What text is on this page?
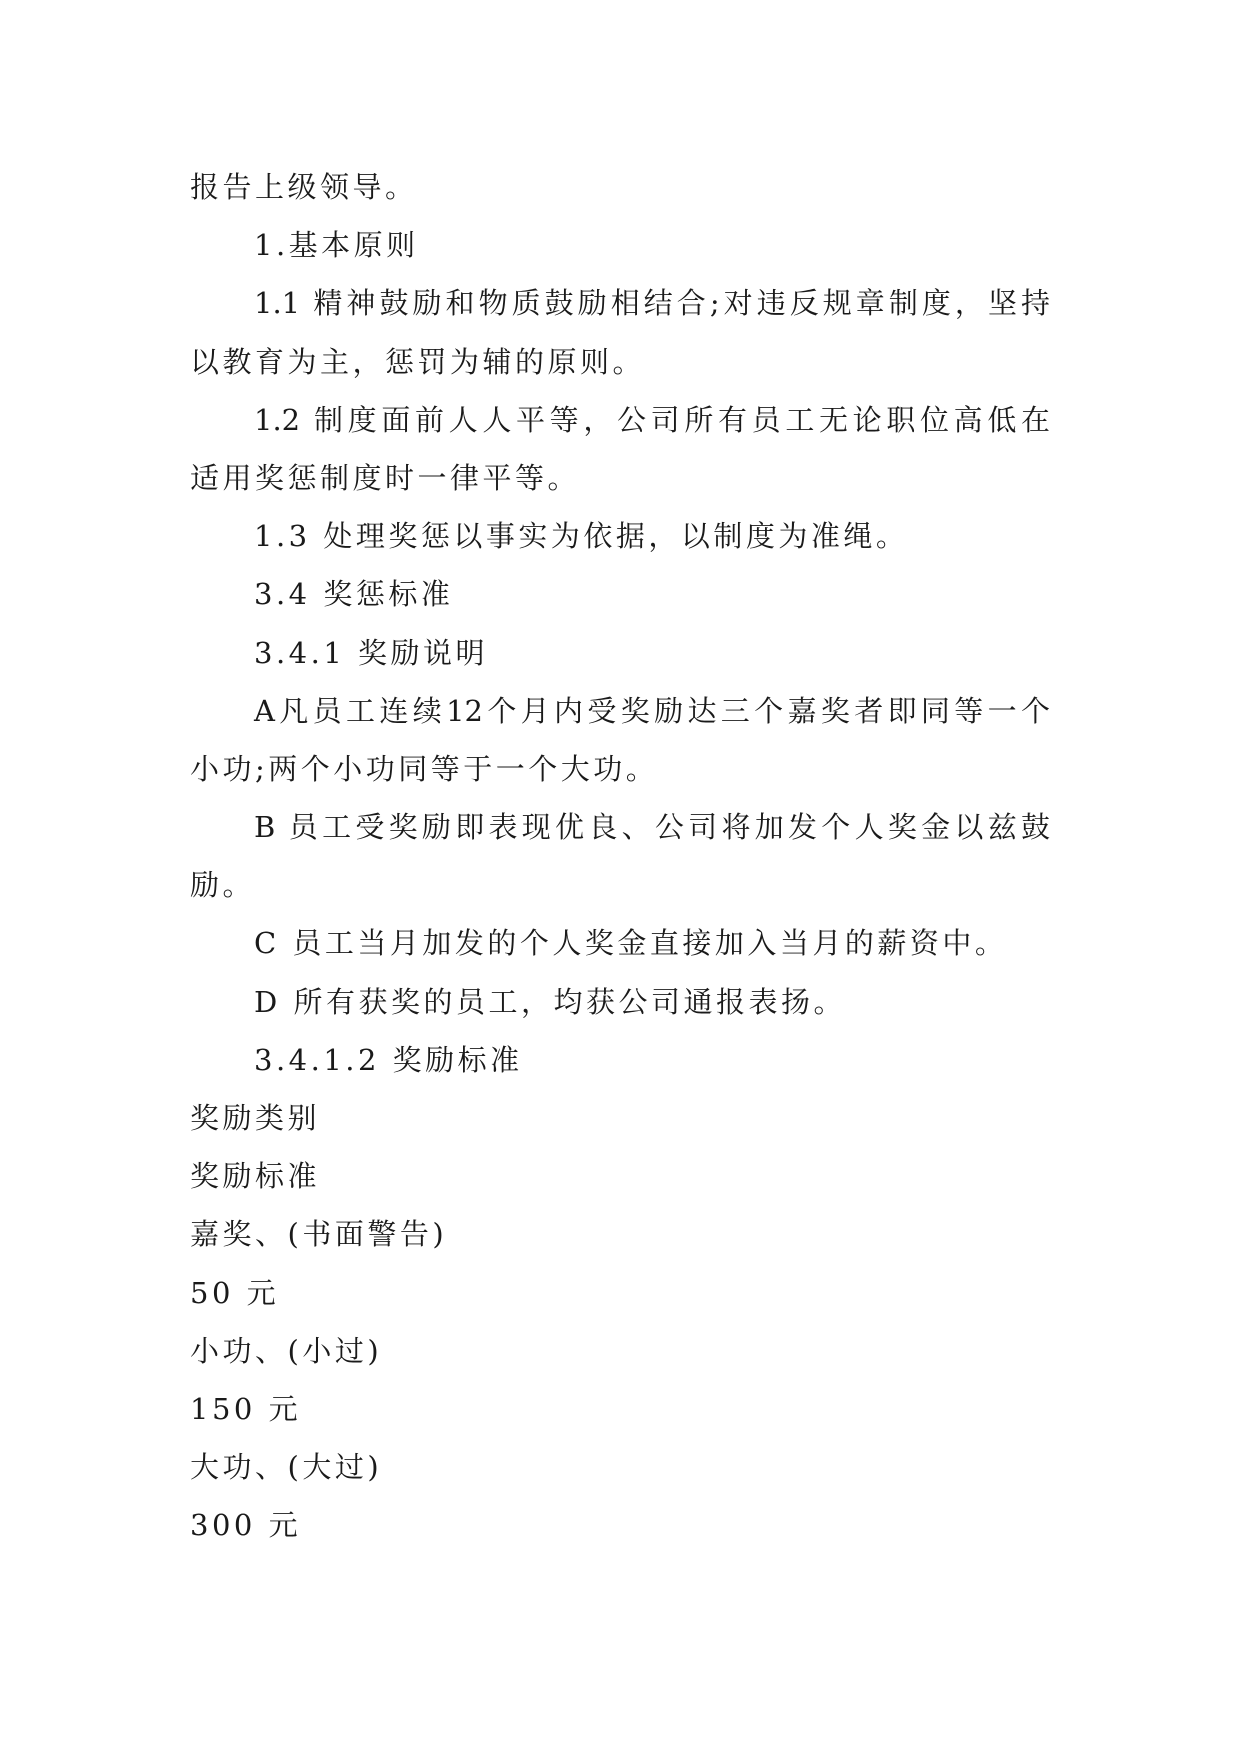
报告上级领导。
1.基本原则
1.1 精神鼓励和物质鼓励相结合;对违反规章制度，坚持
以教育为主，惩罚为辅的原则。
1.2 制度面前人人平等，公司所有员工无论职位高低在
适用奖惩制度时一律平等。
1.3 处理奖惩以事实为依据，以制度为准绳。
3.4 奖惩标准
3.4.1 奖励说明
A凡员工连续12个月内受奖励达三个嘉奖者即同等一个
小功;两个小功同等于一个大功。
B 员工受奖励即表现优良、公司将加发个人奖金以兹鼓
励。
C 员工当月加发的个人奖金直接加入当月的薪资中。
D 所有获奖的员工，均获公司通报表扬。
3.4.1.2 奖励标准
奖励类别
奖励标准
嘉奖、(书面警告)
50 元
小功、(小过)
150 元
大功、(大过)
300 元
